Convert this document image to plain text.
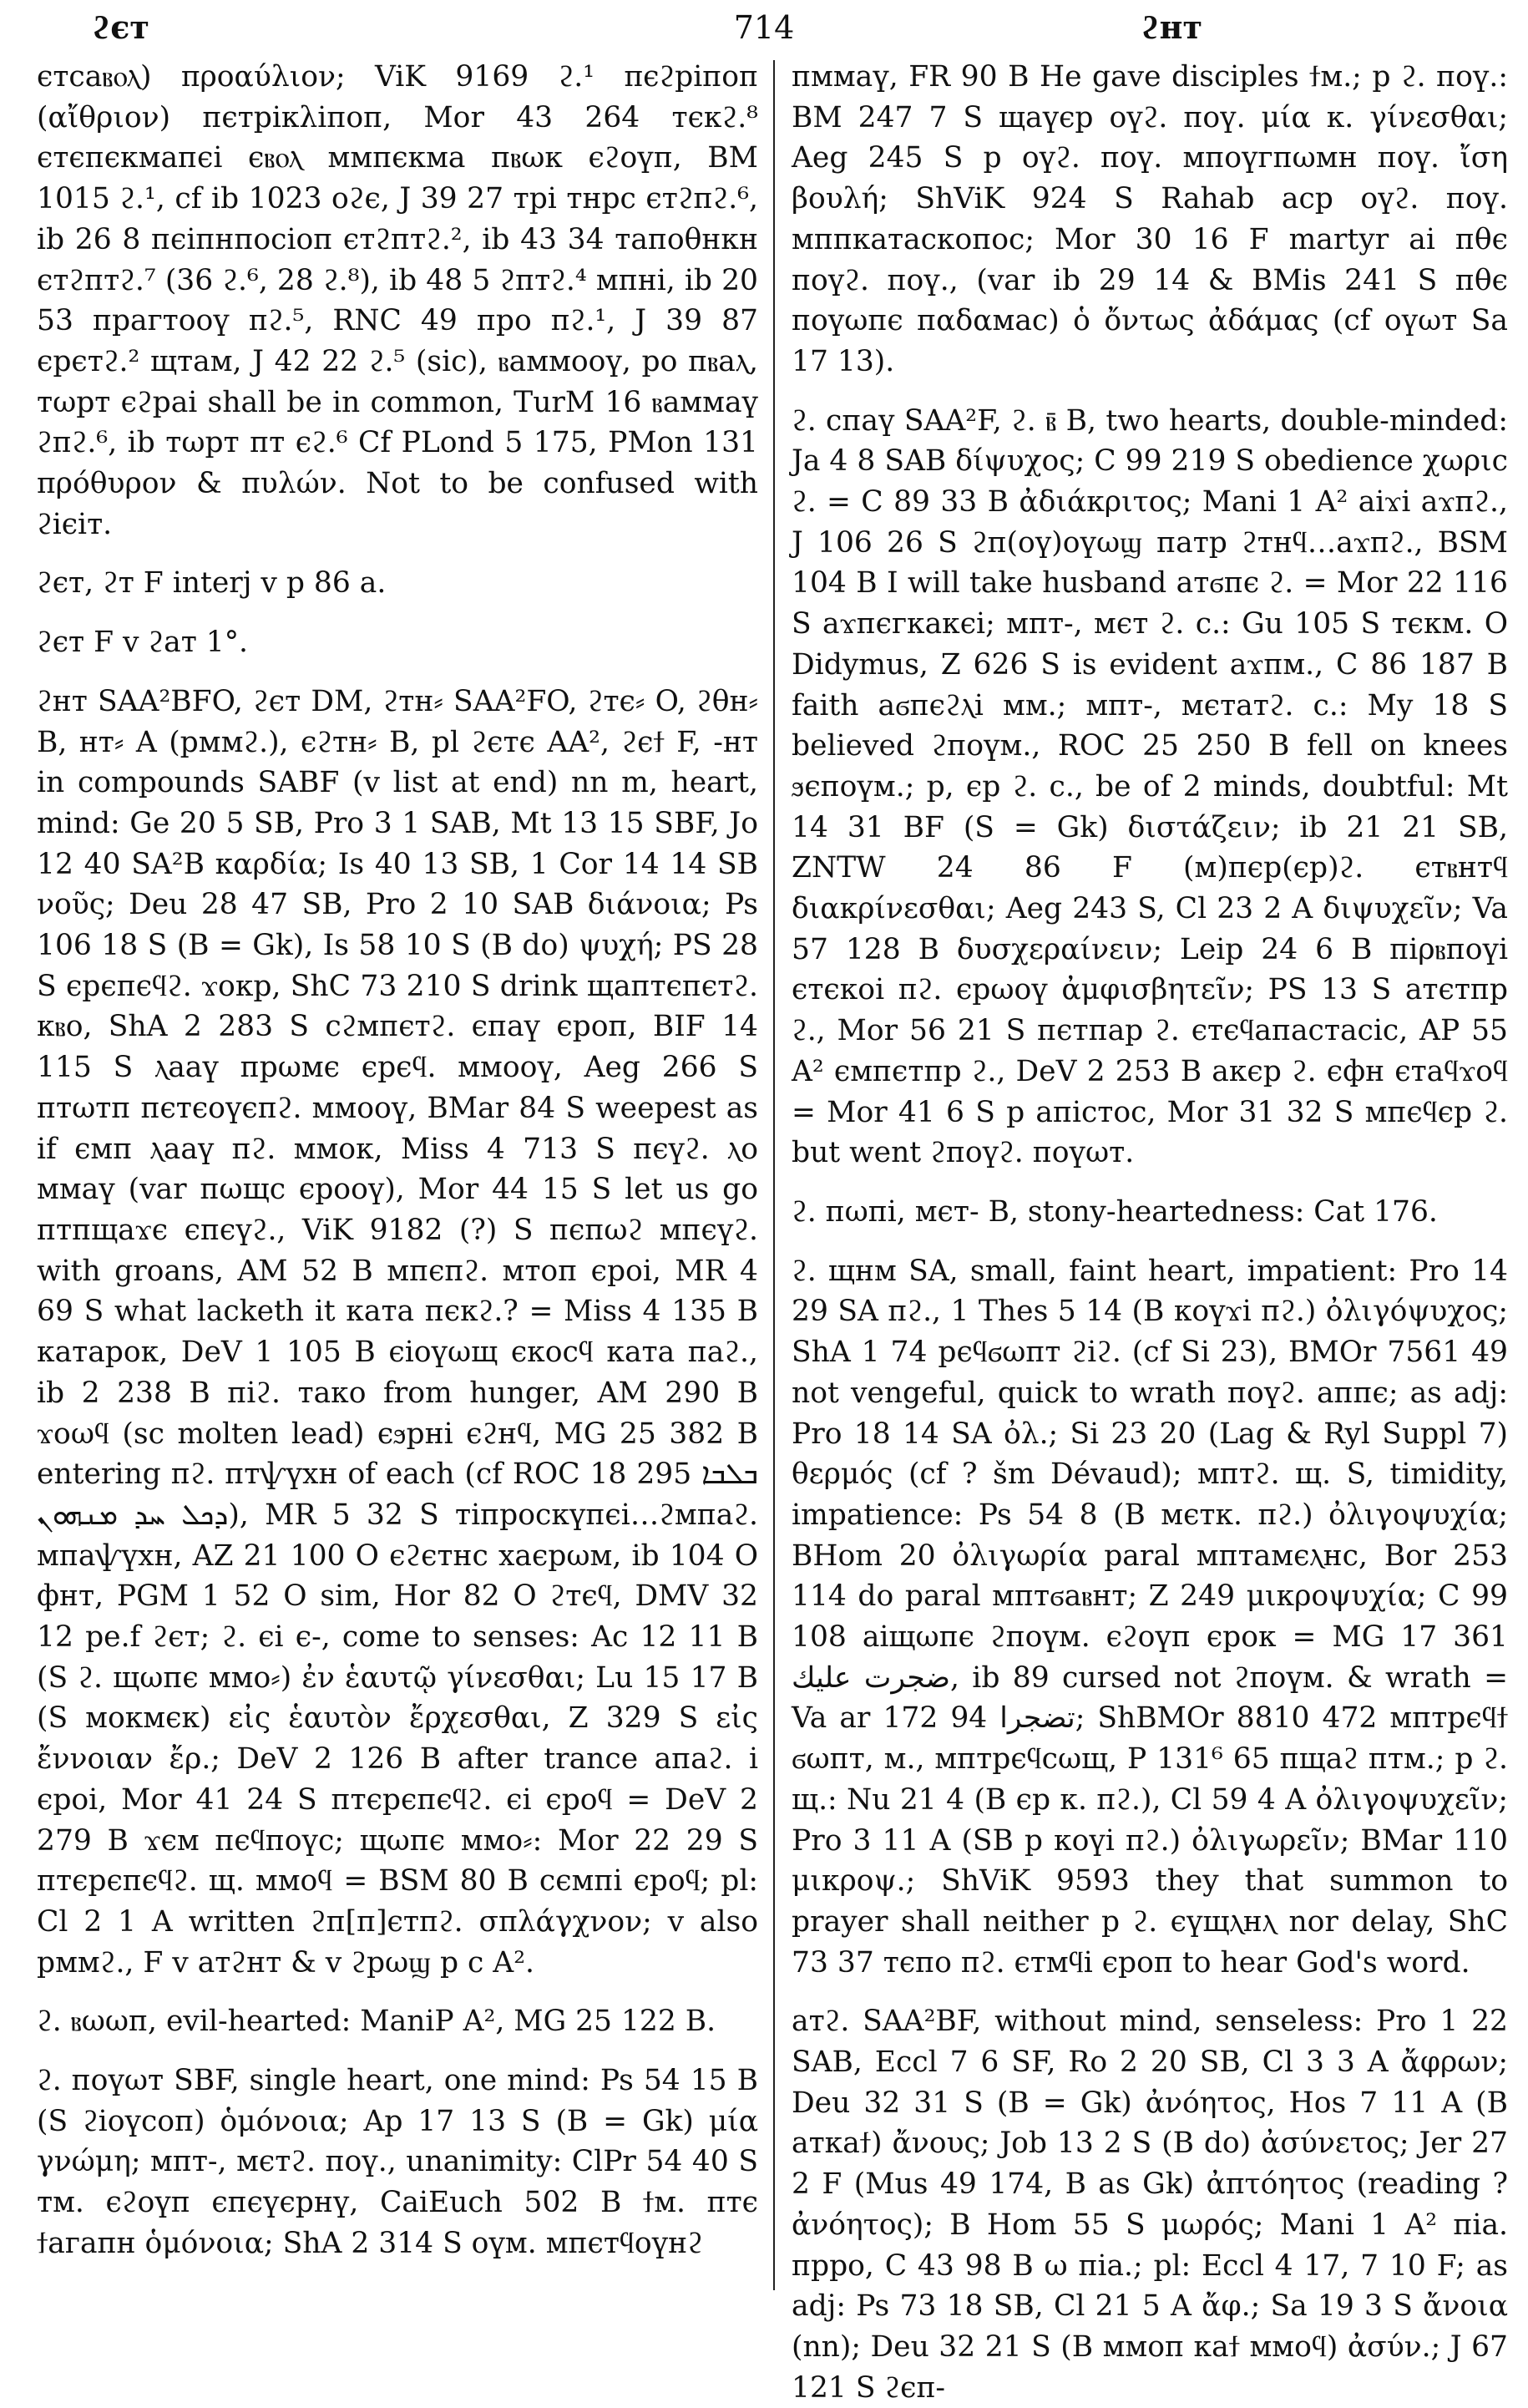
ϩєт	714	ϩнт

єтсаⲃⲟⲗ) προαύλιον; ViK 9169 ϩ.¹ πєϩрiпоп (αἴθριον) пєтрiкλiпоп, Mor 43 264 тєкϩ.⁸ єтєпєкмапєi єⲃⲟⲗ ммпєкма пⲃωк єϩоүп, BM 1015 ϩ.¹, cf ib 1023 оϩє, J 39 27 трi тнрс єтϩпϩ.⁶, ib 26 8 пєiпнпосiоп єтϩптϩ.², ib 43 34 тапоθнкн єтϩптϩ.⁷ (36 ϩ.⁶, 28 ϩ.⁸), ib 48 5 ϩптϩ.⁴ мпнi, ib 20 53 прагтооү пϩ.⁵, RNC 49 про пϩ.¹, J 39 87 єрєтϩ.² щтам, J 42 22 ϩ.⁵ (sic), ⲃаммооү, ро пⲃаⲗ, тωрт єϩраi shall be in common, TurM 16 ⲃаммаү ϩпϩ.⁶, ib тωрт пт єϩ.⁶ Cf PLond 5 175, PMon 131 πρόθυρον & πυλών. Not to be confused with ϩiєiт.

ϩєт, ϩт F interj v p 86 a.

ϩєт F v ϩат 1°.

ϩнт SAA²BFO, ϩєт DM, ϩтн⸗ SAA²FO, ϩтє⸗ O, ϩθн⸗ B, нт⸗ A (рммϩ.), єϩтн⸗ B, pl ϩєтє AA², ϩєϯ F, -нт in compounds SABF (v list at end) nn m, heart, mind: Ge 20 5 SB, Pro 3 1 SAB, Mt 13 15 SBF, Jo 12 40 SA²B καρδία; Is 40 13 SB, 1 Cor 14 14 SB νοῦς; Deu 28 47 SB, Pro 2 10 SAB διάνοια; Ps 106 18 S (B = Gk), Is 58 10 S (B do) ψυχή; PS 28 S єрєпєϥϩ. ϫокр, ShC 73 210 S drink щаптєпєтϩ. кⲃо, ShA 2 283 S сϩмпєтϩ. єпаү єроп, BIF 14 115 S ⲗааү прωмє єрєϥ. ммооү, Aeg 266 S птωтп пєтєоүєпϩ. ммооү, BMar 84 S weepest as if ємп ⲗааү пϩ. ммок, Miss 4 713 S пєүϩ. ⲗо ммаү (var пωщс єрооү), Mor 44 15 S let us go птпщаϫє єпєүϩ., ViK 9182 (?) S пєпωϩ мпєүϩ. with groans, AM 52 B мпєпϩ. мтоп єроi, MR 4 69 S what lacketh it ката пєкϩ.? = Miss 4 135 B катарок, DeV 1 105 B єiоүωщ єкосϥ ката пaϩ., ib 2 238 B пiϩ. тако from hunger, AM 290 B ϫоωϥ (sc molten lead) єϧрнi єϩнϥ, MG 25 382 B entering пϩ. птѱүхн of each (cf ROC 18 295 ܒܠܒܐ ܕܟܠ ܚܕ ܡܢܗܘܢ), MR 5 32 S тiпроскүпєi…ϩмпаϩ. мпаѱүхн, AZ 21 100 O єϩєтнс хаєрωм, ib 104 O фнт, PGM 1 52 O sim, Hor 82 O ϩтєϥ, DMV 32 12 pe.f ϩєт; ϩ. єi є-, come to senses: Ac 12 11 B (S ϩ. щωпє ммо⸗) ἐν ἑαυτῷ γίνεσθαι; Lu 15 17 B (S мокмєк) εἰς ἑαυτὸν ἔρχεσθαι, Z 329 S εἰς ἔννοιαν ἔρ.; DeV 2 126 B after trance апаϩ. i єроi, Mor 41 24 S птєрєпєϥϩ. єi єроϥ = DeV 2 279 B ϫєм пєϥпоүс; щωпє ммо⸗: Mor 22 29 S птєрєпєϥϩ. щ. ммоϥ = BSM 80 B сємпi єроϥ; pl: Cl 2 1 A written ϩп[п]єтпϩ. σπλάγχνον; v also рммϩ., F v атϩнт & v ϩрωϣ p c A².

ϩ. ⲃωωп, evil-hearted: ManiP A², MG 25 122 B.

ϩ. поүωт SBF, single heart, one mind: Ps 54 15 B (S ϩiоүсоп) ὁμόνοια; Ap 17 13 S (B = Gk) μία γνώμη; мпт-, мєтϩ. поү., unanimity: ClPr 54 40 S тм. єϩоүп єпєүєрнү, CaiEuch 502 B ϯм. птє ϯагапн ὁμόνοια; ShA 2 314 S оүм. мпєтϥоүнϩ

пммаү, FR 90 B He gave disciples ϯм.; р ϩ. поү.: BM 247 7 S щаүєр оүϩ. поү. μία κ. γίνεσθαι; Aeg 245 S р оүϩ. поү. мпоүгпωмн поү. ἴση βουλή; ShViK 924 S Rahab аср оүϩ. поү. мппкатаскопос; Mor 30 16 F martyr ai пθє поүϩ. поү., (var ib 29 14 & BMis 241 S пθє поүωпє пαδαмас) ὁ ὄντως ἀδάμας (cf оүωт Sa 17 13).

ϩ. спаү SAA²F, ϩ. ⲃ̄ B, two hearts, double-minded: Ja 4 8 SAB δίψυχος; C 99 219 S obedience χωριс ϩ. = C 89 33 B ἀδιάκριτος; Mani 1 A² aiϫi аϫпϩ., J 106 26 S ϩп(оү)оүωϣ патр ϩтнϥ…аϫпϩ., BSM 104 B I will take husband атϭпє ϩ. = Mor 22 116 S аϫпєгкакєi; мпт-, мєт ϩ. с.: Gu 105 S тєкм. O Didymus, Z 626 S is evident аϫпм., C 86 187 B faith аϭпєϩⲗi мм.; мпт-, мєтатϩ. с.: My 18 S believed ϩпоүм., ROC 25 250 B fell on knees ϧєпоүм.; р, єр ϩ. с., be of 2 minds, doubtful: Mt 14 31 BF (S = Gk) διστάζειν; ib 21 21 SB, ZNTW 24 86 F (м)пєр(єр)ϩ. єтⲃнтϥ διακρίνεσθαι; Aeg 243 S, Cl 23 2 A διψυχεῖν; Va 57 128 B δυσχεραίνειν; Leip 24 6 B пiρⲃпоүi єтєкоi пϩ. єрωоү ἀμφισβητεῖν; PS 13 S атєтпр ϩ., Mor 56 21 S пєтпар ϩ. єтєϥапастасiс, AP 55 A² ємпєтпр ϩ., DeV 2 253 B акєр ϩ. єфн єтаϥϫоϥ = Mor 41 6 S р апiстос, Mor 31 32 S мпєϥєр ϩ. but went ϩпоүϩ. поүωт.

ϩ. пωпi, мєт- B, stony-heartedness: Cat 176.

ϩ. щнм SA, small, faint heart, impatient: Pro 14 29 SA пϩ., 1 Thes 5 14 (B коүϫi пϩ.) ὀλιγόψυχος; ShA 1 74 рєϥϭωпт ϩiϩ. (cf Si 23), BMOr 7561 49 not vengeful, quick to wrath поүϩ. аппє; as adj: Pro 18 14 SA ὀλ.; Si 23 20 (Lag & Ryl Suppl 7) θερμός (cf ? šm Dévaud); мптϩ. щ. S, timidity, impatience: Ps 54 8 (B мєтк. пϩ.) ὀλιγοψυχία; BHom 20 ὀλιγωρία paral мптамєⲗнс, Bor 253 114 do paral мптϭаⲃнт; Z 249 μικροψυχία; C 99 108 аiщωпє ϩпоүм. єϩоүп єрок = MG 17 361 ضجرت عليك, ib 89 cursed not ϩпоүм. & wrath = Va ar 172 94 تضجرا; ShBMOr 8810 472 мптрєϥϯ ϭωпт, м., мптрєϥсωщ, P 131⁶ 65 пщаϩ птм.; р ϩ. щ.: Nu 21 4 (B єр к. пϩ.), Cl 59 4 A ὀλιγοψυχεῖν; Pro 3 11 A (SB р коүi пϩ.) ὀλιγωρεῖν; BMar 110 μικροψ.; ShViK 9593 they that summon to prayer shall neither р ϩ. єүщⲗнⲗ nor delay, ShC 73 37 тєпо пϩ. єтмϥi єроп to hear God's word.

атϩ. SAA²BF, without mind, senseless: Pro 1 22 SAB, Eccl 7 6 SF, Ro 2 20 SB, Cl 3 3 A ἄφρων; Deu 32 31 S (B = Gk) ἀνόητος, Hos 7 11 A (B аткаϯ) ἄνους; Job 13 2 S (B do) ἀσύνετος; Jer 27 2 F (Mus 49 174, B as Gk) ἀπτόητος (reading ? ἀνόητος); B Hom 55 S μωρός; Mani 1 A² пiа. пpро, C 43 98 B ω пiа.; pl: Eccl 4 17, 7 10 F; as adj: Ps 73 18 SB, Cl 21 5 A ἄφ.; Sa 19 3 S ἄνοια (nn); Deu 32 21 S (B ммоп каϯ ммоϥ) ἀσύν.; J 67 121 S ϩєп-
